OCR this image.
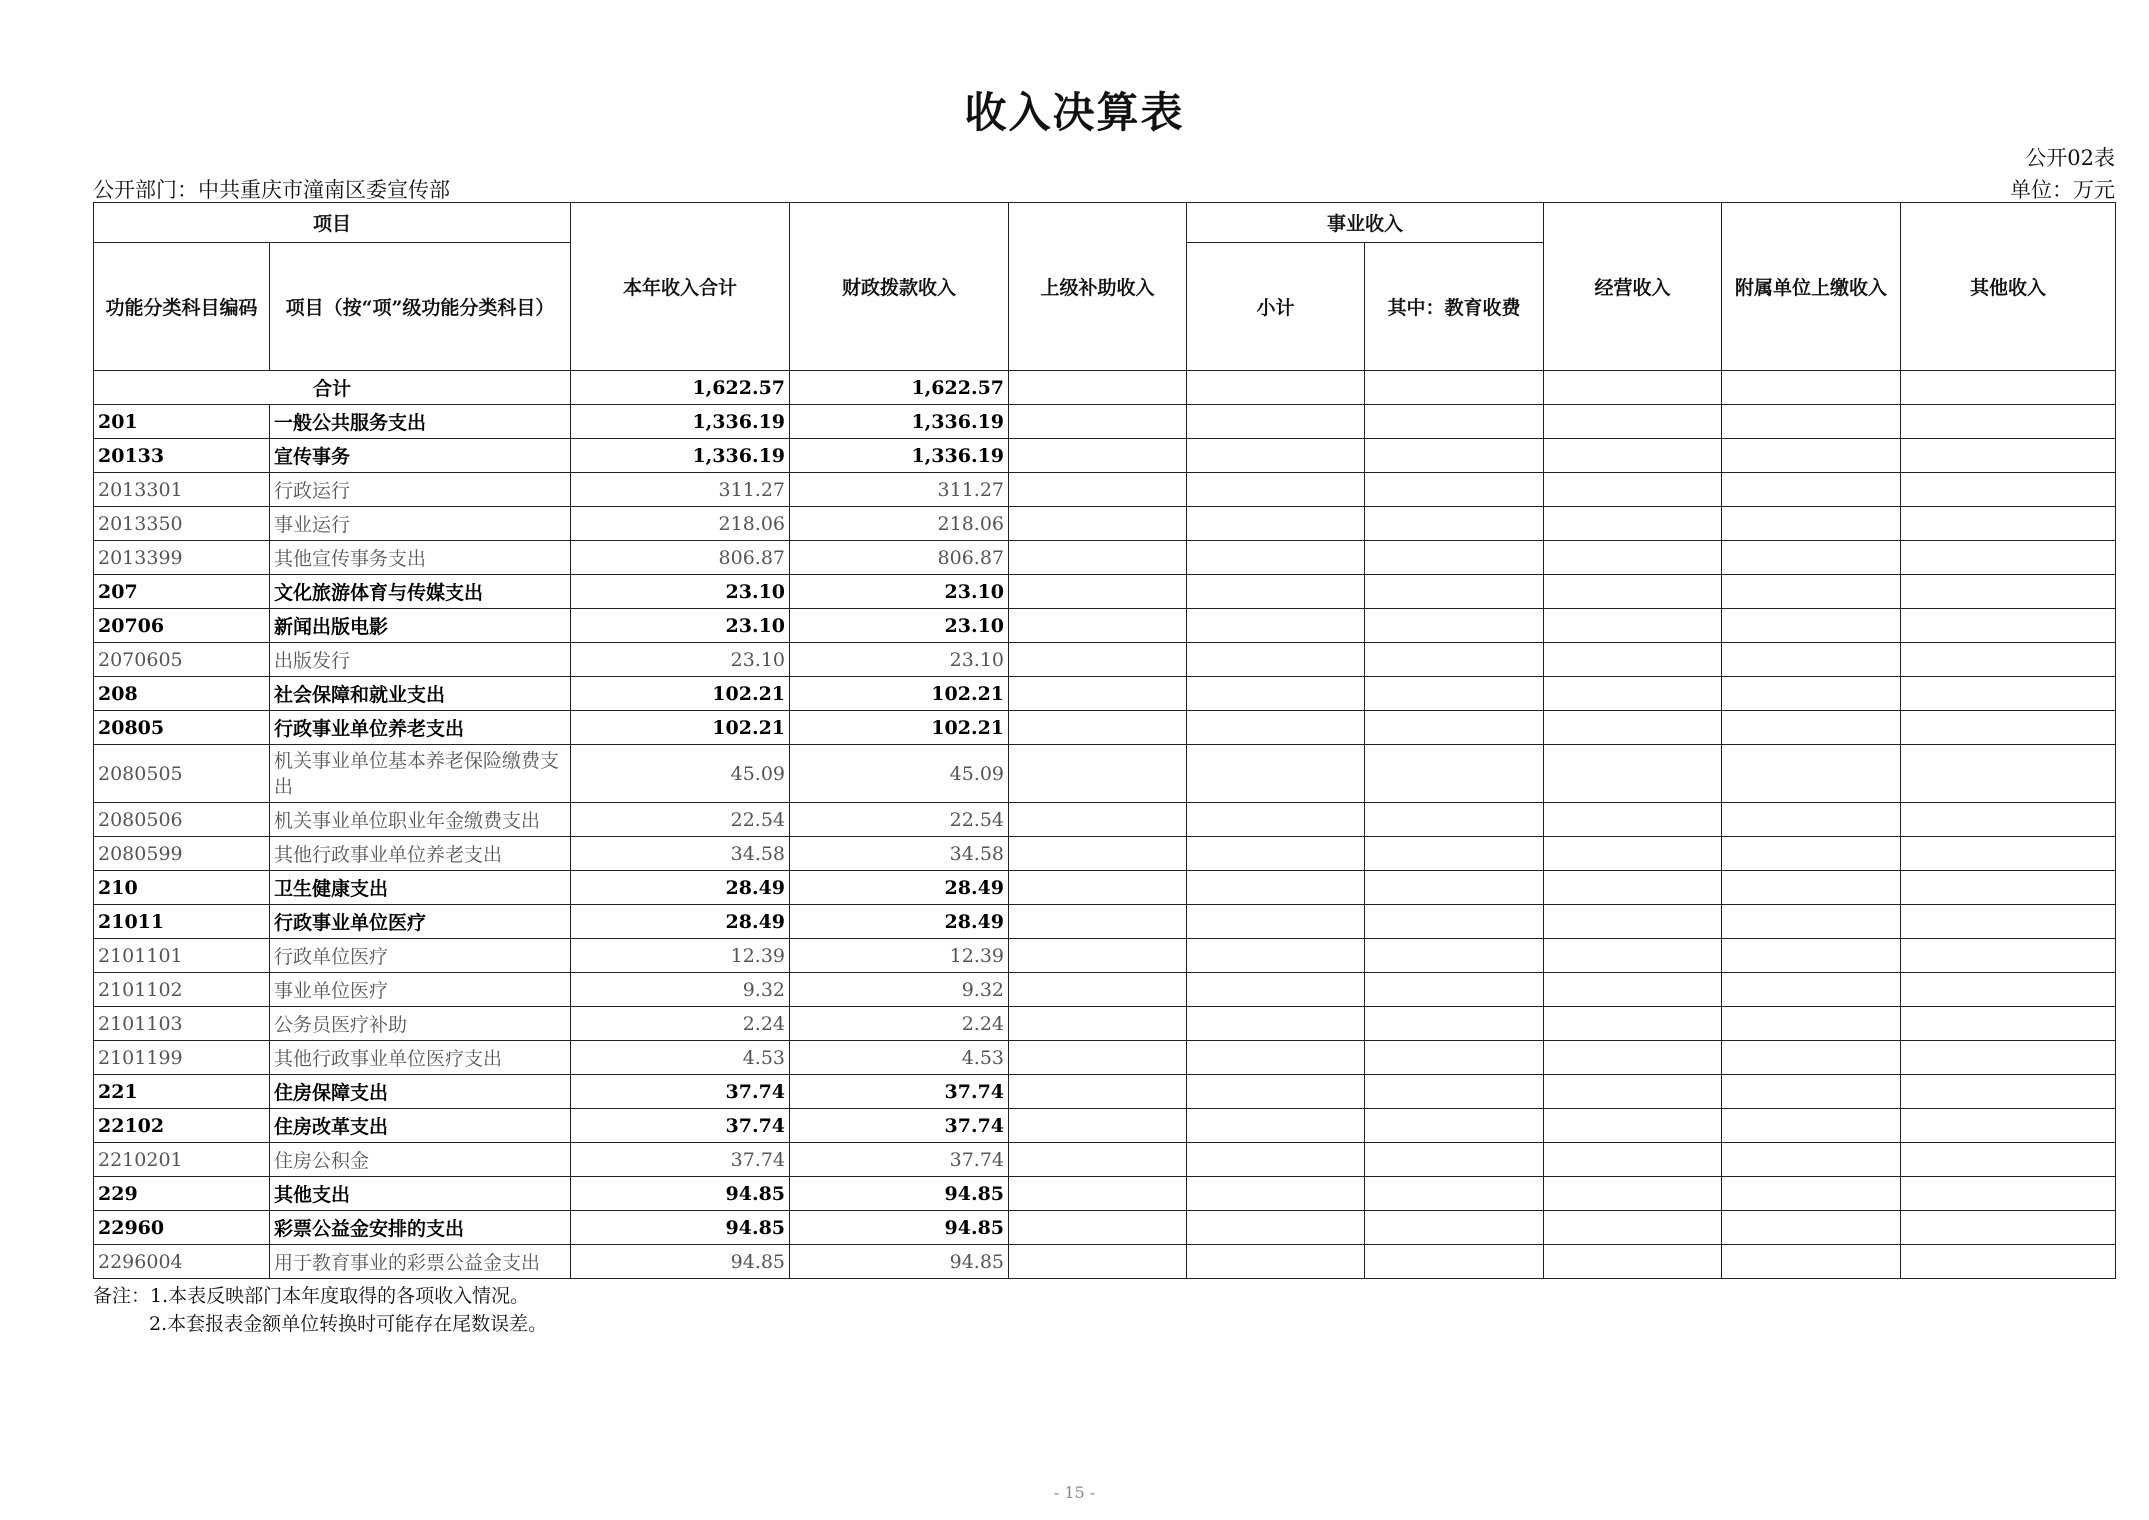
收入决算表
公开02表
公开部门：中共重庆市潼南区委宣传部	单位：万元
项目		本年收入合计	财政拨款收入	上级补助收入	事业收入		经营收入	附属单位上缴收入	其他收入
功能分类科目编码	项目（按“项”级功能分类科目）				小计	其中：教育收费			
合计		1,622.57	1,622.57						
201	一般公共服务支出	1,336.19	1,336.19						
20133	宣传事务	1,336.19	1,336.19						
2013301	行政运行	311.27	311.27						
2013350	事业运行	218.06	218.06						
2013399	其他宣传事务支出	806.87	806.87						
207	文化旅游体育与传媒支出	23.10	23.10						
20706	新闻出版电影	23.10	23.10						
2070605	出版发行	23.10	23.10						
208	社会保障和就业支出	102.21	102.21						
20805	行政事业单位养老支出	102.21	102.21						
2080505	机关事业单位基本养老保险缴费支出	45.09	45.09						
2080506	机关事业单位职业年金缴费支出	22.54	22.54						
2080599	其他行政事业单位养老支出	34.58	34.58						
210	卫生健康支出	28.49	28.49						
21011	行政事业单位医疗	28.49	28.49						
2101101	行政单位医疗	12.39	12.39						
2101102	事业单位医疗	9.32	9.32						
2101103	公务员医疗补助	2.24	2.24						
2101199	其他行政事业单位医疗支出	4.53	4.53						
221	住房保障支出	37.74	37.74						
22102	住房改革支出	37.74	37.74						
2210201	住房公积金	37.74	37.74						
229	其他支出	94.85	94.85						
22960	彩票公益金安排的支出	94.85	94.85						
2296004	用于教育事业的彩票公益金支出	94.85	94.85						
备注：1.本表反映部门本年度取得的各项收入情况。
2.本套报表金额单位转换时可能存在尾数误差。
- 15 -
